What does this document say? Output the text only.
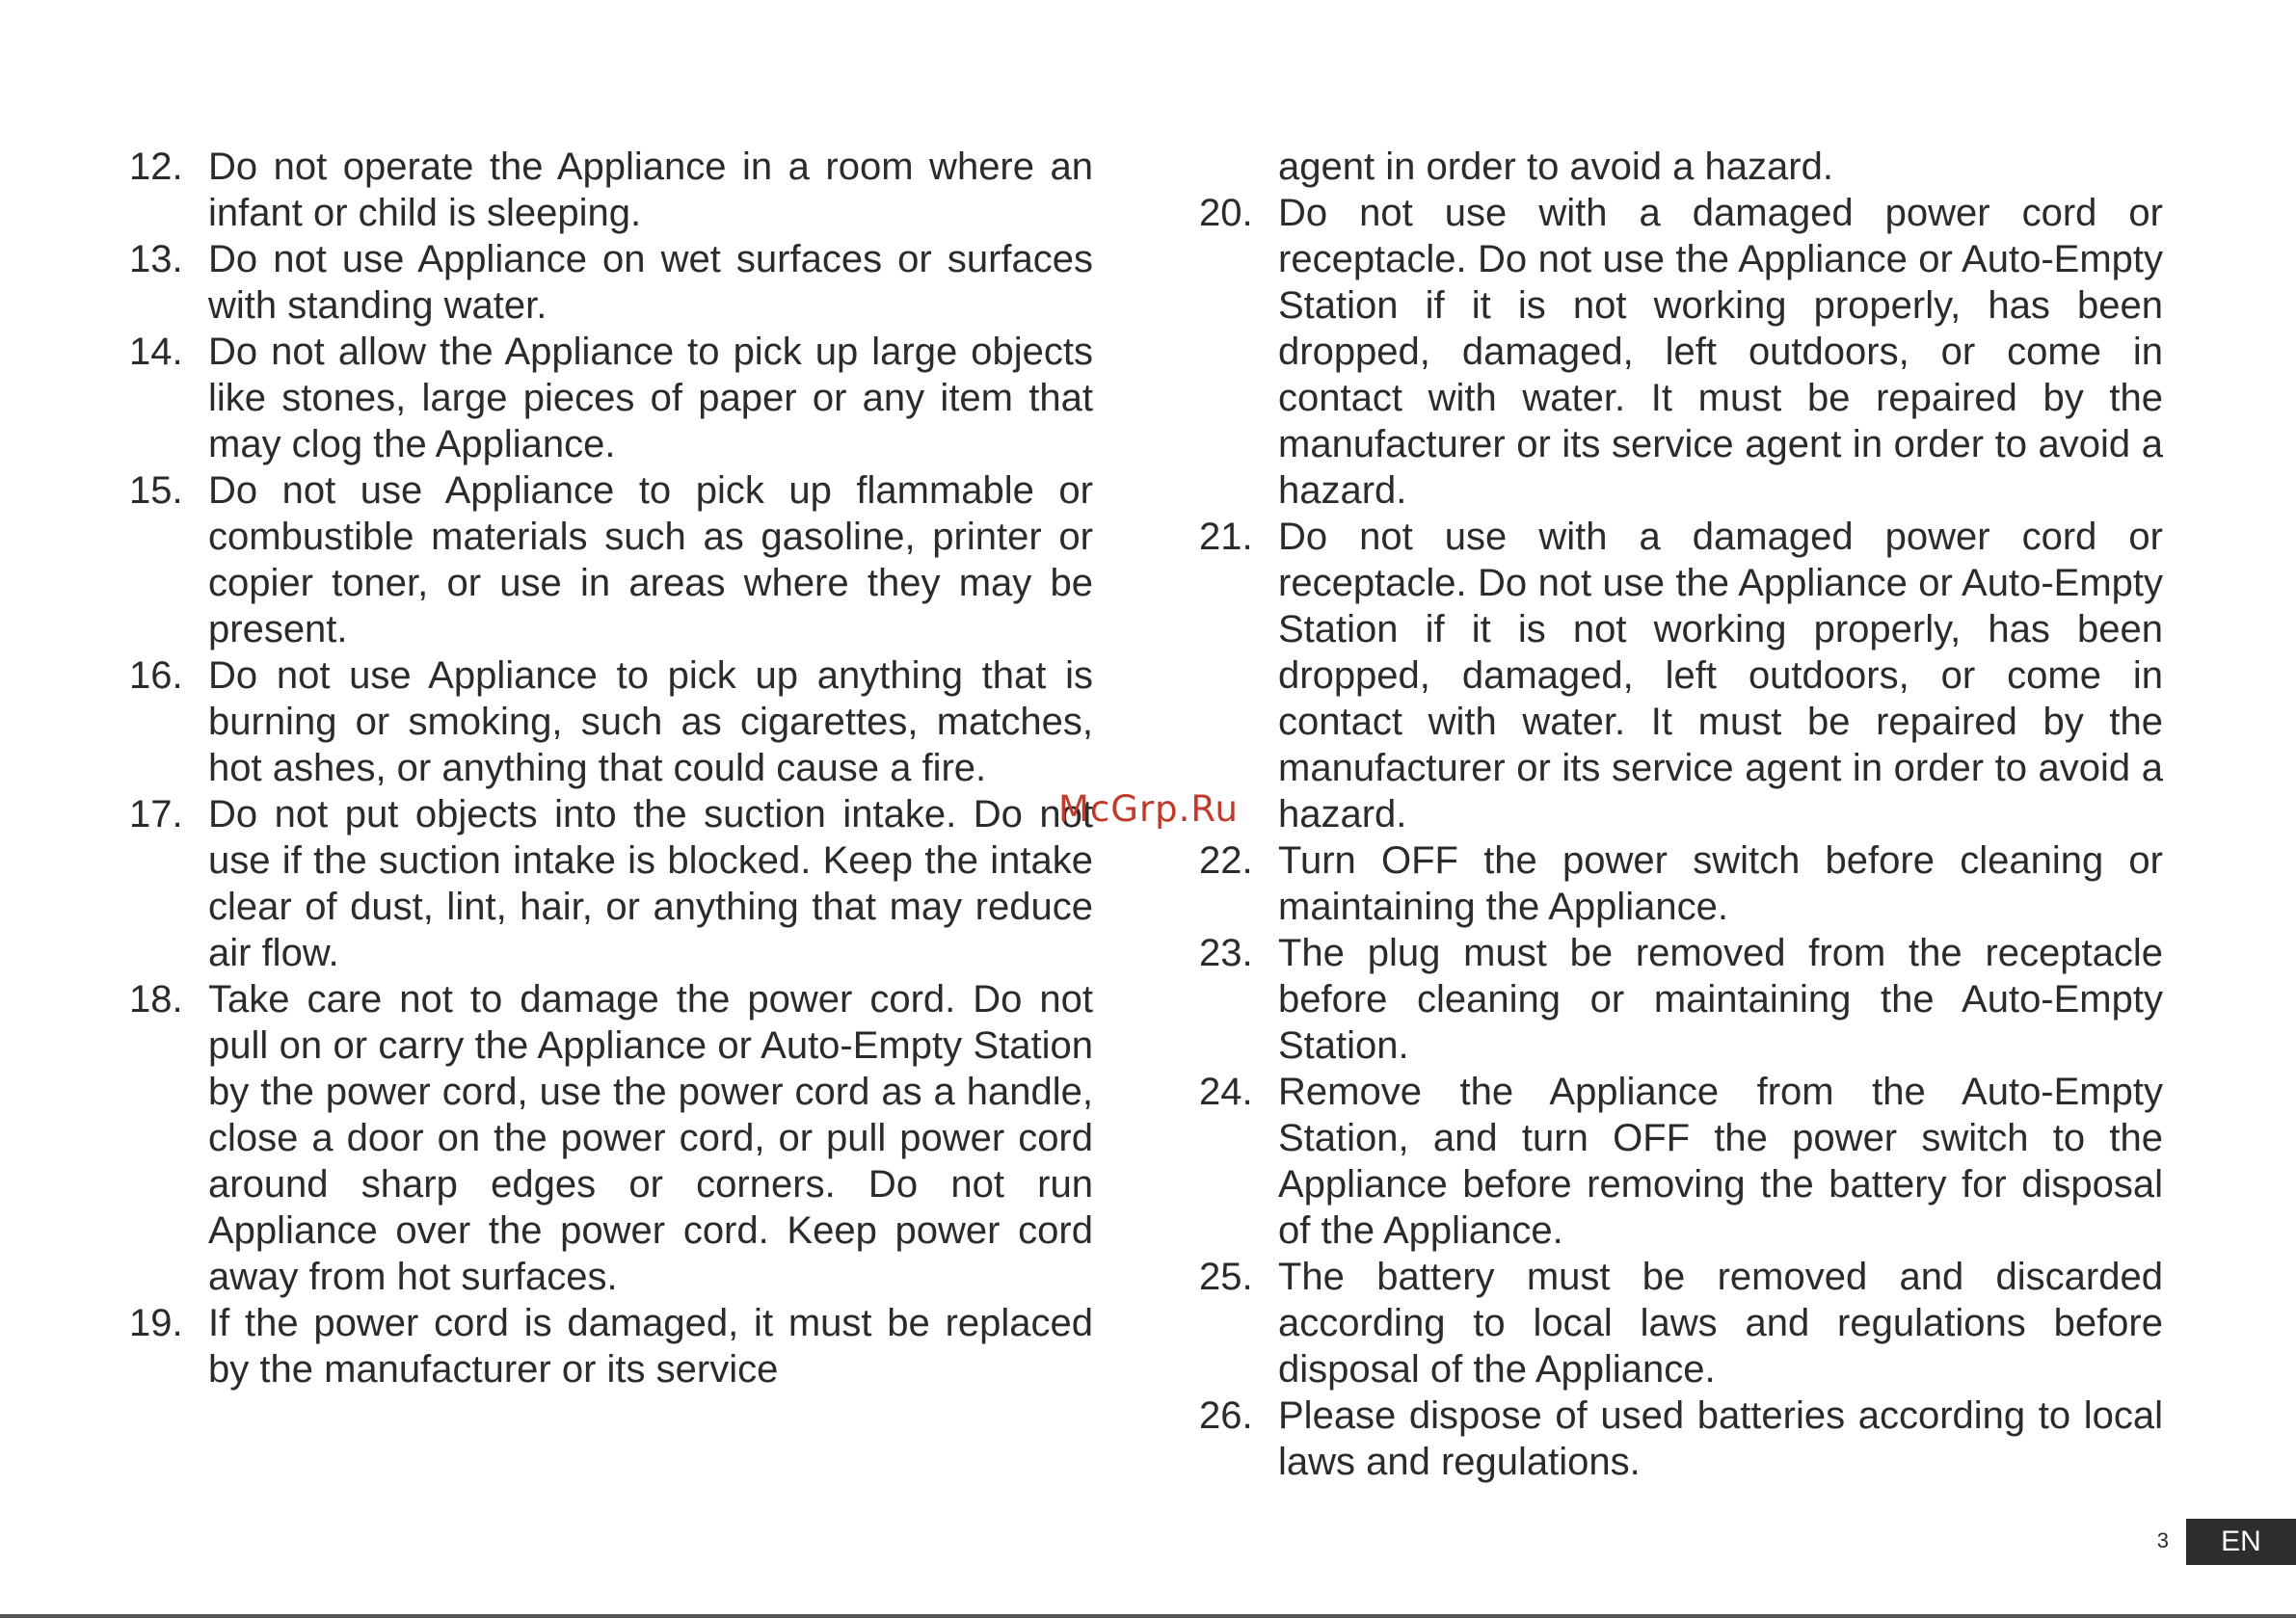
12. Do not operate the Appliance in a room where an infant or child is sleeping.
13. Do not use Appliance on wet surfaces or surfaces with standing water.
14. Do not allow the Appliance to pick up large objects like stones, large pieces of paper or any item that may clog the Appliance.
15. Do not use Appliance to pick up flammable or combustible materials such as gasoline, printer or copier toner, or use in areas where they may be present.
16. Do not use Appliance to pick up anything that is burning or smoking, such as cigarettes, matches, hot ashes, or anything that could cause a fire.
17. Do not put objects into the suction intake. Do not use if the suction intake is blocked. Keep the intake clear of dust, lint, hair, or anything that may reduce air flow.
18. Take care not to damage the power cord. Do not pull on or carry the Appliance or Auto-Empty Station by the power cord, use the power cord as a handle, close a door on the power cord, or pull power cord around sharp edges or corners. Do not run Appliance over the power cord. Keep power cord away from hot surfaces.
19. If the power cord is damaged, it must be replaced by the manufacturer or its service
agent in order to avoid a hazard.
20. Do not use with a damaged power cord or receptacle. Do not use the Appliance or Auto-Empty Station if it is not working properly, has been dropped, damaged, left outdoors, or come in contact with water. It must be repaired by the manufacturer or its service agent in order to avoid a hazard.
21. Do not use with a damaged power cord or receptacle. Do not use the Appliance or Auto-Empty Station if it is not working properly, has been dropped, damaged, left outdoors, or come in contact with water. It must be repaired by the manufacturer or its service agent in order to avoid a hazard.
22. Turn OFF the power switch before cleaning or maintaining the Appliance.
23. The plug must be removed from the receptacle before cleaning or maintaining the Auto-Empty Station.
24. Remove the Appliance from the Auto-Empty Station, and turn OFF the power switch to the Appliance before removing the battery for disposal of the Appliance.
25. The battery must be removed and discarded according to local laws and regulations before disposal of the Appliance.
26. Please dispose of used batteries according to local laws and regulations.
McGrp.Ru
3	EN
